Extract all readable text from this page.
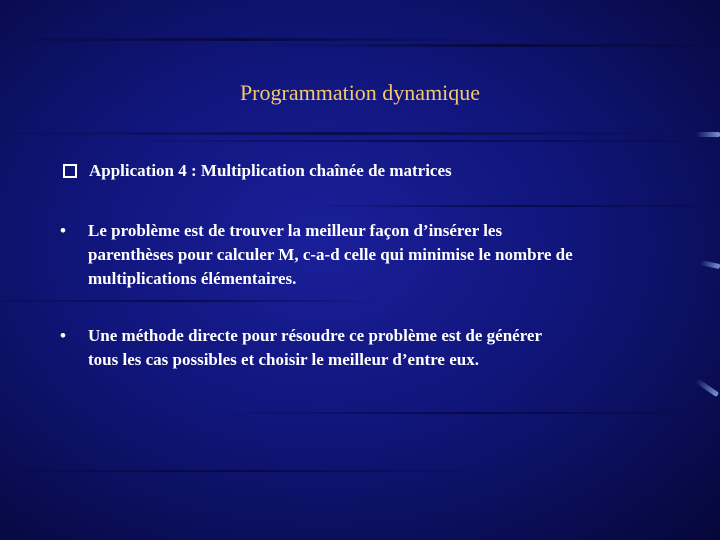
Programmation dynamique
Application 4 : Multiplication chaînée de matrices
•	Le problème est de trouver la meilleur façon d’insérer les
parenthèses pour calculer M, c-a-d celle qui minimise le nombre de
multiplications élémentaires.
•	Une méthode directe pour résoudre ce problème est de générer
tous les cas possibles et choisir le meilleur d’entre eux.
